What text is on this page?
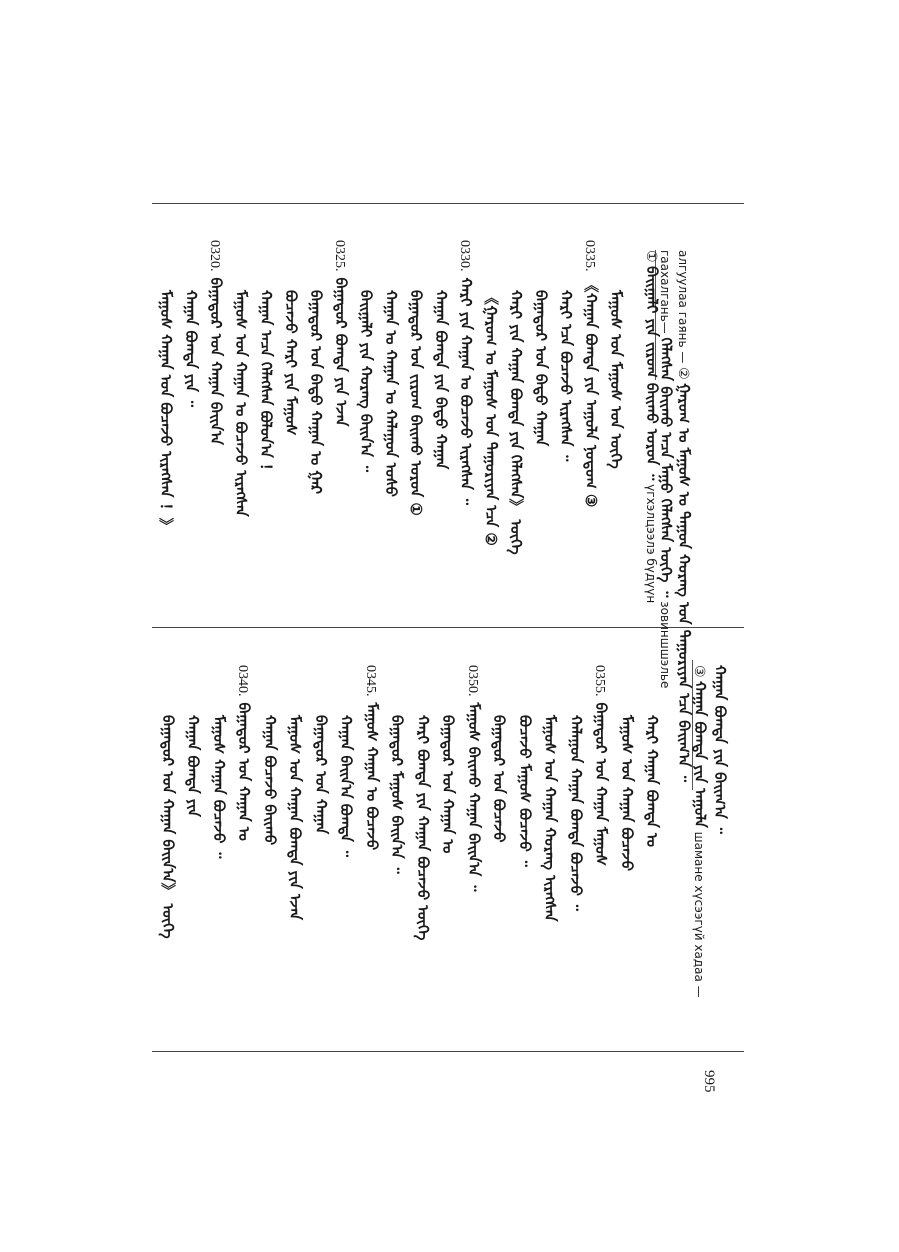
алгуулаа гаянь — ② ᠭᠠᠷᠤᠭ ᠤ ᠮᠠᠭᠤᠰ ᠤ ᠳᠠᠭᠤᠨ ᠬᠤᠷᠠᠩ ᠤᠨ ᠳᠠᠭᠤᠷᠢᠶᠠᠨ ᠡᠴᠡ ᠪᠠᠢᠭ᠎ᠠ ᠃
гаахалгань— ᠬᠡᠯᠡᠭᠰᠡᠨ ᠪᠠᠢᠬᠤ ᠠᠴᠠ ᠮᠠᠭᠤ ᠬᠡᠯᠡᠭᠰᠡᠨ ᠦᠭᠡ ᠃ зовиншшэлье
① ᠪᠠᠢᠭᠠᠯᠢ ᠶᠢᠨ ᠵᠢᠷᠤᠭ ᠪᠠᠢᠬᠤ ᠤᠷᠤᠨ ᠃ үгхэлцээлэ бүдүүн
ᠮᠠᠭᠤᠰ ᠤᠨ ᠮᠠᠭᠤᠰ ᠤᠨ ᠦᠭᠡ
0335.《ᠬᠠᠭᠠᠨ ᠪᠤᠭᠳᠠ ᠶᠢᠨ ᠠᠭᠤᠯᠠ ᠨᠤᠲᠤᠭ ③
ᠬᠠᠷᠢ ᠡᠴᠡ ᠪᠤᠴᠠᠵᠤ ᠢᠷᠡᠭᠰᠡᠨ ᠃
ᠪᠠᠭᠠᠲᠤᠷ ᠤᠨ ᠪᠠᠲᠤ ᠬᠠᠭᠠᠨ
ᠬᠠᠷᠢ ᠶᠢᠨ ᠬᠠᠭᠠᠨ ᠪᠤᠭᠳᠠ ᠶᠢᠨ ᠬᠡᠯᠡᠭᠰᠡᠨ》 ᠦᠭᠡ
《ᠭᠠᠷᠤᠭ ᠤ ᠮᠠᠭᠤᠰ ᠤᠨ ᠳᠠᠭᠤᠷᠢᠶᠠᠨ ᠡᠴᠡ ②
0330.ᠬᠠᠷᠢ ᠶᠢᠨ ᠬᠠᠭᠠᠨ ᠤ ᠪᠤᠴᠠᠵᠤ ᠢᠷᠡᠭᠰᠡᠨ ᠃
ᠬᠠᠭᠠᠨ ᠪᠤᠭᠳᠠ ᠶᠢᠨ ᠪᠠᠲᠤ ᠬᠠᠭᠠᠨ
ᠪᠠᠭᠠᠲᠤᠷ ᠤᠨ ᠵᠢᠷᠤᠭ ᠪᠠᠢᠬᠤ ᠤᠷᠤᠨ ①
ᠬᠠᠭᠠᠨ ᠤ ᠬᠠᠭᠠᠨ ᠤ ᠬᠠᠯᠠᠭᠤᠨ ᠤᠰᠤ
ᠪᠠᠢᠭᠠᠯᠢ ᠶᠢᠨ ᠬᠤᠷᠠᠩ ᠪᠠᠢᠨ᠎ᠠ ᠃
0325.ᠪᠠᠭᠠᠲᠤᠷ ᠪᠤᠭᠳᠠ ᠶᠢᠨ ᠡᠵᠡᠨ
ᠪᠠᠭᠠᠲᠤᠷ ᠤᠨ ᠪᠠᠲᠤ ᠬᠠᠭᠠᠨ ᠤ ᠭᠠᠷ
ᠪᠤᠴᠠᠵᠤ ᠬᠠᠷᠢ ᠶᠢᠨ ᠮᠠᠭᠤᠰ
ᠬᠠᠭᠠᠨ ᠠᠴᠠ ᠬᠡᠯᠡᠭᠰᠡᠨ ᠪᠤᠯᠤᠨ᠎ᠠ ！
ᠮᠠᠭᠤᠰ ᠤᠨ ᠬᠠᠭᠠᠨ ᠤ ᠪᠤᠴᠠᠵᠤ ᠢᠷᠡᠭᠰᠡᠨ
0320.ᠪᠠᠭᠠᠲᠤᠷ ᠤᠨ ᠬᠠᠭᠠᠨ ᠪᠠᠢᠨ᠎ᠠ
ᠬᠠᠭᠠᠨ ᠪᠤᠭᠳᠠ ᠶᠢᠨ ᠃
ᠮᠠᠭᠤᠰ ᠬᠠᠭᠠᠨ ᠤᠨ ᠪᠤᠴᠠᠵᠤ ᠢᠷᠡᠭᠰᠡᠨ ！》
ᠬᠠᠭᠠᠨ ᠪᠤᠭᠳᠠ ᠶᠢᠨ ᠪᠠᠢᠭ᠎ᠠ ᠃
③ ᠬᠠᠭᠠᠨ ᠪᠤᠭᠳᠠ ᠶᠢᠨ ᠠᠭᠤᠯᠠ шамане хүсээгүй хадаа —
ᠬᠠᠷᠢ ᠬᠠᠭᠠᠨ ᠪᠤᠭᠳᠠ ᠤ
ᠮᠠᠭᠤᠰ ᠤᠨ ᠬᠠᠭᠠᠨ ᠪᠤᠴᠠᠵᠤ
0355.ᠪᠠᠭᠠᠲᠤᠷ ᠤᠨ ᠬᠠᠭᠠᠨ ᠮᠠᠭᠤᠰ
ᠬᠠᠯᠠᠭᠤᠨ ᠬᠠᠭᠠᠨ ᠪᠤᠭᠳᠠ ᠪᠤᠴᠠᠵᠤ ᠃
ᠮᠠᠭᠤᠰ ᠤᠨ ᠬᠠᠭᠠᠨ ᠬᠤᠷᠠᠩ ᠢᠷᠡᠭᠰᠡᠨ
ᠪᠤᠴᠠᠵᠤ ᠮᠠᠭᠤᠰ ᠪᠤᠴᠠᠵᠤ ᠃
ᠪᠠᠭᠠᠲᠤᠷ ᠤᠨ ᠪᠤᠴᠠᠵᠤ
0350.ᠮᠠᠭᠤᠰ ᠪᠠᠢᠬᠤ ᠬᠠᠭᠠᠨ ᠪᠠᠢᠨ᠎ᠠ ᠃
ᠪᠠᠭᠠᠲᠤᠷ ᠤᠨ ᠬᠠᠭᠠᠨ ᠤ
ᠬᠠᠷᠢ ᠪᠤᠭᠳᠠ ᠶᠢᠨ ᠬᠠᠭᠠᠨ ᠪᠤᠴᠠᠵᠤ ᠦᠭᠡ
ᠪᠠᠭᠠᠲᠤᠷ ᠮᠠᠭᠤᠰ ᠪᠠᠢᠨ᠎ᠠ ᠃
0345.ᠮᠠᠭᠤᠰ ᠬᠠᠭᠠᠨ ᠤ ᠪᠤᠴᠠᠵᠤ
ᠬᠠᠭᠠᠨ ᠪᠠᠢᠨ᠎ᠠ ᠪᠤᠭᠳᠠ ᠃
ᠪᠠᠭᠠᠲᠤᠷ ᠤᠨ ᠬᠠᠭᠠᠨ
ᠮᠠᠭᠤᠰ ᠤᠨ ᠬᠠᠭᠠᠨ ᠪᠤᠭᠳᠠ ᠶᠢᠨ ᠡᠵᠡᠨ
ᠬᠠᠭᠠᠨ ᠪᠤᠴᠠᠵᠤ ᠪᠠᠢᠬᠤ
0340.ᠪᠠᠭᠠᠲᠤᠷ ᠤᠨ ᠬᠠᠭᠠᠨ ᠤ
ᠮᠠᠭᠤᠰ ᠬᠠᠭᠠᠨ ᠪᠤᠴᠠᠵᠤ ᠃
ᠬᠠᠭᠠᠨ ᠪᠤᠭᠳᠠ ᠶᠢᠨ
ᠪᠠᠭᠠᠲᠤᠷ ᠤᠨ ᠬᠠᠭᠠᠨ ᠪᠠᠢᠨ᠎ᠠ》 ᠦᠭᠡ
995
